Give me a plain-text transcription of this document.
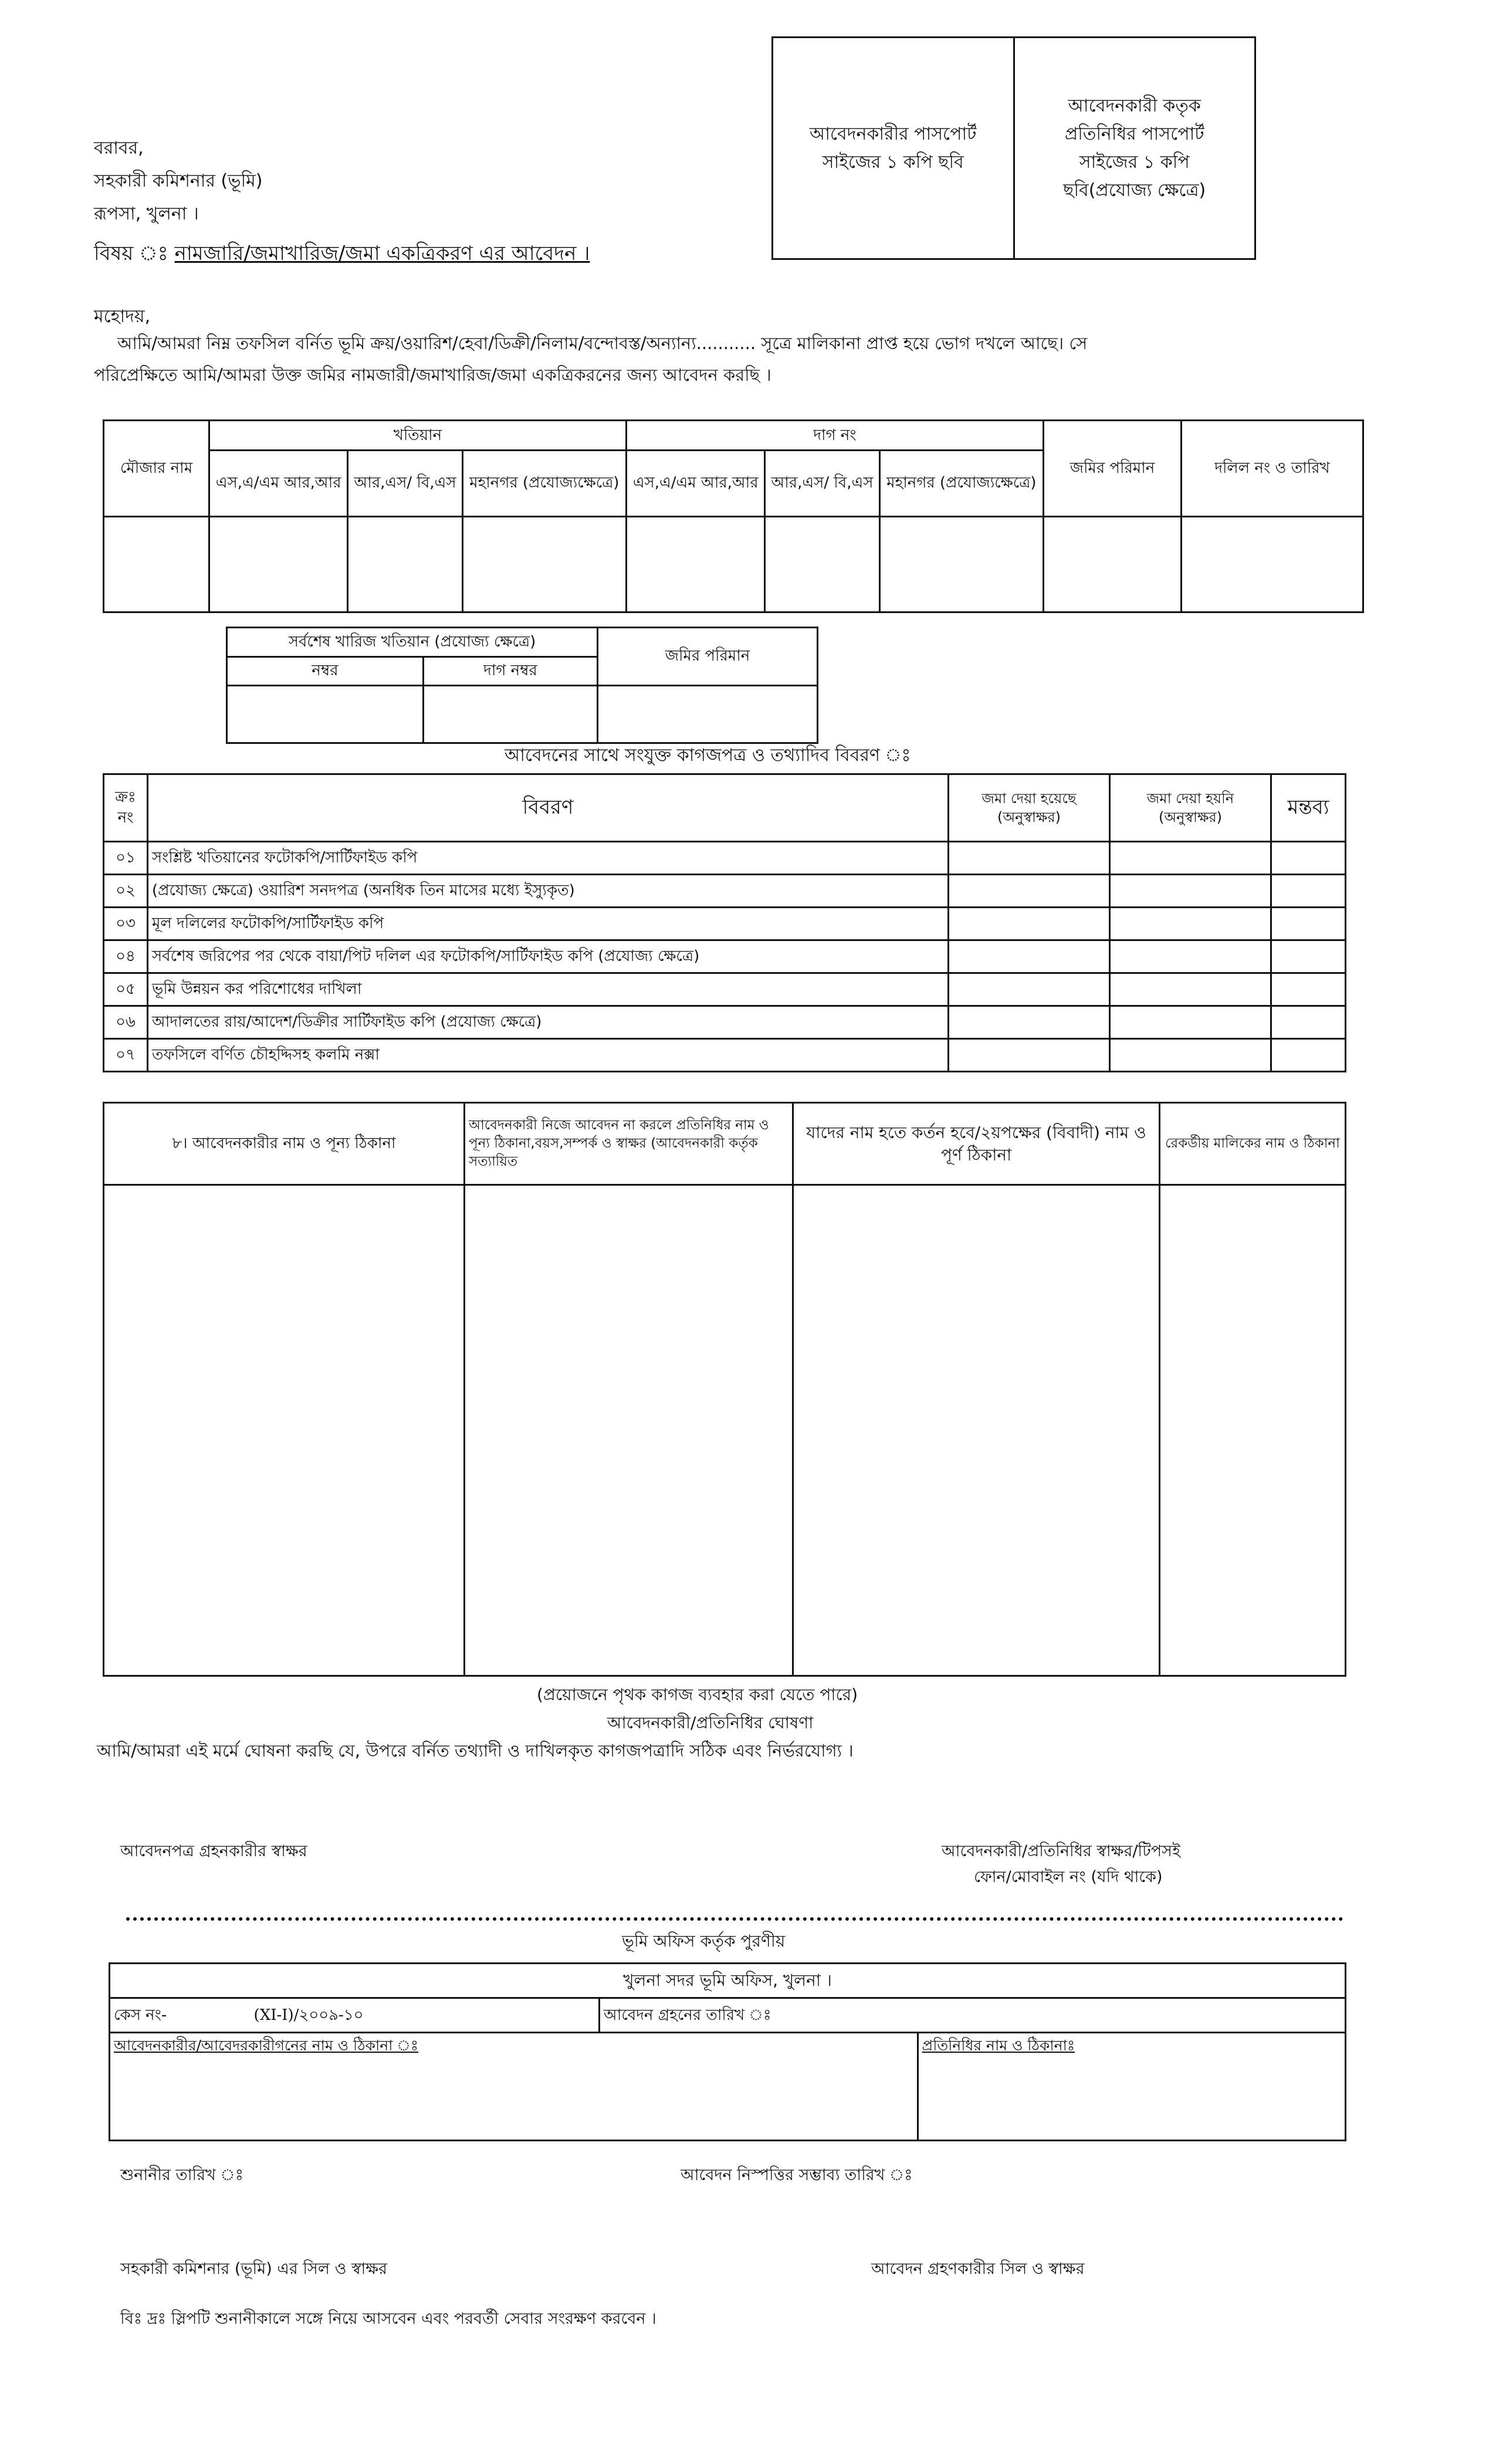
আবেদনকারীর পাসপোর্ট সাইজের ১ কপি ছবি
আবেদনকারী কতৃক প্রতিনিধির পাসপোর্ট সাইজের ১ কপি ছবি(প্রযোজ্য ক্ষেত্রে)
বরাবর,
সহকারী কমিশনার (ভূমি)
রূপসা, খুলনা ।
বিষয় ঃ নামজারি/জমাখারিজ/জমা একত্রিকরণ এর আবেদন ।
মহোদয়,
আমি/আমরা নিম্ন তফসিল বর্নিত ভূমি ক্রয়/ওয়ারিশ/হেবা/ডিক্রী/নিলাম/বন্দোবস্ত/অন্যান্য........... সূত্রে মালিকানা প্রাপ্ত হয়ে ভোগ দখলে আছে। সে
পরিপ্রেক্ষিতে আমি/আমরা উক্ত জমির নামজারী/জমাখারিজ/জমা একত্রিকরনের জন্য আবেদন করছি ।
মৌজার নাম	খতিয়ান			দাগ নং			জমির পরিমান	দলিল নং ও তারিখ
	এস,এ/এম আর,আর	আর,এস/ বি,এস	মহানগর (প্রযোজ্যক্ষেত্রে)	এস,এ/এম আর,আর	আর,এস/ বি,এস	মহানগর (প্রযোজ্যক্ষেত্রে)		

সর্বশেষ খারিজ খতিয়ান (প্রযোজ্য ক্ষেত্রে)		জমির পরিমান
নম্বর	দাগ নম্বর	

আবেদনের সাথে সংযুক্ত কাগজপত্র ও তথ্যাদিব বিবরণ ঃ
ক্রঃ নং	বিবরণ	জমা দেয়া হয়েছে (অনুস্বাক্ষর)	জমা দেয়া হয়নি (অনুস্বাক্ষর)	মন্তব্য
০১	সংশ্লিষ্ট খতিয়ানের ফটোকপি/সার্টিফাইড কপি			
০২	(প্রযোজ্য ক্ষেত্রে) ওয়ারিশ সনদপত্র (অনধিক তিন মাসের মধ্যে ইস্যুকৃত)			
০৩	মূল দলিলের ফটোকপি/সার্টিফাইড কপি			
০৪	সর্বশেষ জরিপের পর থেকে বায়া/পিট দলিল এর ফটোকপি/সার্টিফাইড কপি (প্রযোজ্য ক্ষেত্রে)			
০৫	ভূমি উন্নয়ন কর পরিশোধের দাখিলা			
০৬	আদালতের রায়/আদেশ/ডিক্রীর সার্টিফাইড কপি (প্রযোজ্য ক্ষেত্রে)			
০৭	তফসিলে বর্ণিত চৌহদ্দিসহ কলমি নক্সা			
৮। আবেদনকারীর নাম ও পূন্য ঠিকানা	আবেদনকারী নিজে আবেদন না করলে প্রতিনিধির নাম ও পূন্য ঠিকানা,বয়স,সম্পর্ক ও স্বাক্ষর (আবেদনকারী কর্তৃক সত্যায়িত	যাদের নাম হতে কর্তন হবে/২য়পক্ষের (বিবাদী) নাম ও পূর্ণ ঠিকানা	রেকর্ডীয় মালিকের নাম ও ঠিকানা

(প্রয়োজনে পৃথক কাগজ ব্যবহার করা যেতে পারে)
আবেদনকারী/প্রতিনিধির ঘোষণা
আমি/আমরা এই মর্মে ঘোষনা করছি যে, উপরে বর্নিত তথ্যাদী ও দাখিলকৃত কাগজপত্রাদি সঠিক এবং নির্ভরযোগ্য ।
আবেদনপত্র গ্রহনকারীর স্বাক্ষর	আবেদনকারী/প্রতিনিধির স্বাক্ষর/টিপসই
ফোন/মোবাইল নং (যদি থাকে)
ভূমি অফিস কর্তৃক পুরণীয়
খুলনা সদর ভূমি অফিস, খুলনা ।		
কেস নং- (XI-I)/২০০৯-১০	আবেদন গ্রহনের তারিখ ঃ	
আবেদনকারীর/আবেদরকারীগনের নাম ও ঠিকানা ঃ		প্রতিনিধির নাম ও ঠিকানাঃ
শুনানীর তারিখ ঃ	আবেদন নিস্পত্তির সম্ভাব্য তারিখ ঃ
সহকারী কমিশনার (ভূমি) এর সিল ও স্বাক্ষর	আবেদন গ্রহণকারীর সিল ও স্বাক্ষর
বিঃ দ্রঃ স্লিপটি শুনানীকালে সঙ্গে নিয়ে আসবেন এবং পরবর্তী সেবার সংরক্ষণ করবেন ।
